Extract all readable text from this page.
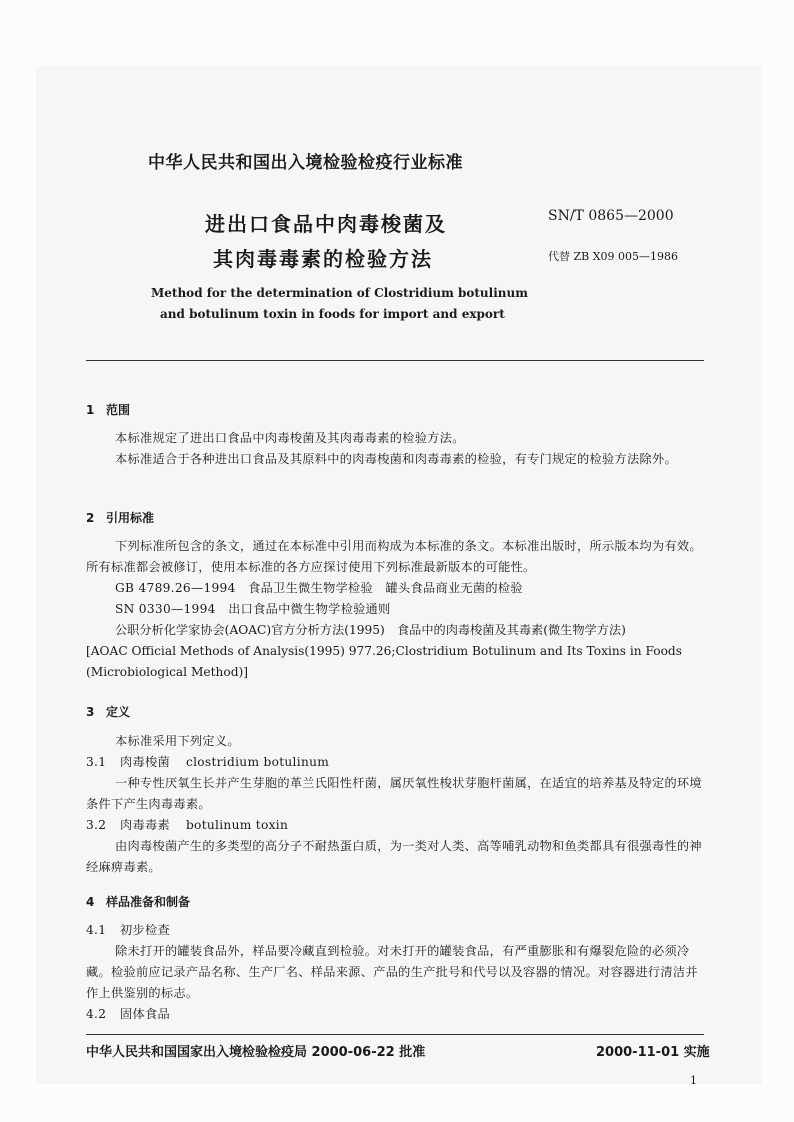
中华人民共和国出入境检验检疫行业标准
进出口食品中肉毒梭菌及
其肉毒毒素的检验方法
SN/T 0865—2000
代替 ZB X09 005—1986
Method for the determination of Clostridium botulinum
and botulinum toxin in foods for import and export
1 范围
本标准规定了进出口食品中肉毒梭菌及其肉毒毒素的检验方法。
本标准适合于各种进出口食品及其原料中的肉毒梭菌和肉毒毒素的检验，有专门规定的检验方法除外。
2 引用标准
下列标准所包含的条文，通过在本标准中引用而构成为本标准的条文。本标准出版时，所示版本均为有效。所有标准都会被修订，使用本标准的各方应探讨使用下列标准最新版本的可能性。
GB 4789.26—1994　食品卫生微生物学检验　罐头食品商业无菌的检验
SN 0330—1994　出口食品中微生物学检验通则
公职分析化学家协会(AOAC)官方分析方法(1995)　食品中的肉毒梭菌及其毒素(微生物学方法)
[AOAC Official Methods of Analysis(1995) 977.26;Clostridium Botulinum and Its Toxins in Foods (Microbiological Method)]
3 定义
本标准采用下列定义。
3.1 肉毒梭菌 clostridium botulinum
一种专性厌氧生长并产生芽胞的革兰氏阳性杆菌，属厌氧性梭状芽胞杆菌属，在适宜的培养基及特定的环境条件下产生肉毒毒素。
3.2 肉毒毒素 botulinum toxin
由肉毒梭菌产生的多类型的高分子不耐热蛋白质，为一类对人类、高等哺乳动物和鱼类都具有很强毒性的神经麻痹毒素。
4 样品准备和制备
4.1 初步检查
除未打开的罐装食品外，样品要冷藏直到检验。对未打开的罐装食品，有严重膨胀和有爆裂危险的必须冷藏。检验前应记录产品名称、生产厂名、样品来源、产品的生产批号和代号以及容器的情况。对容器进行清洁并作上供鉴别的标志。
4.2 固体食品
中华人民共和国国家出入境检验检疫局 2000-06-22 批准	2000-11-01 实施
1
